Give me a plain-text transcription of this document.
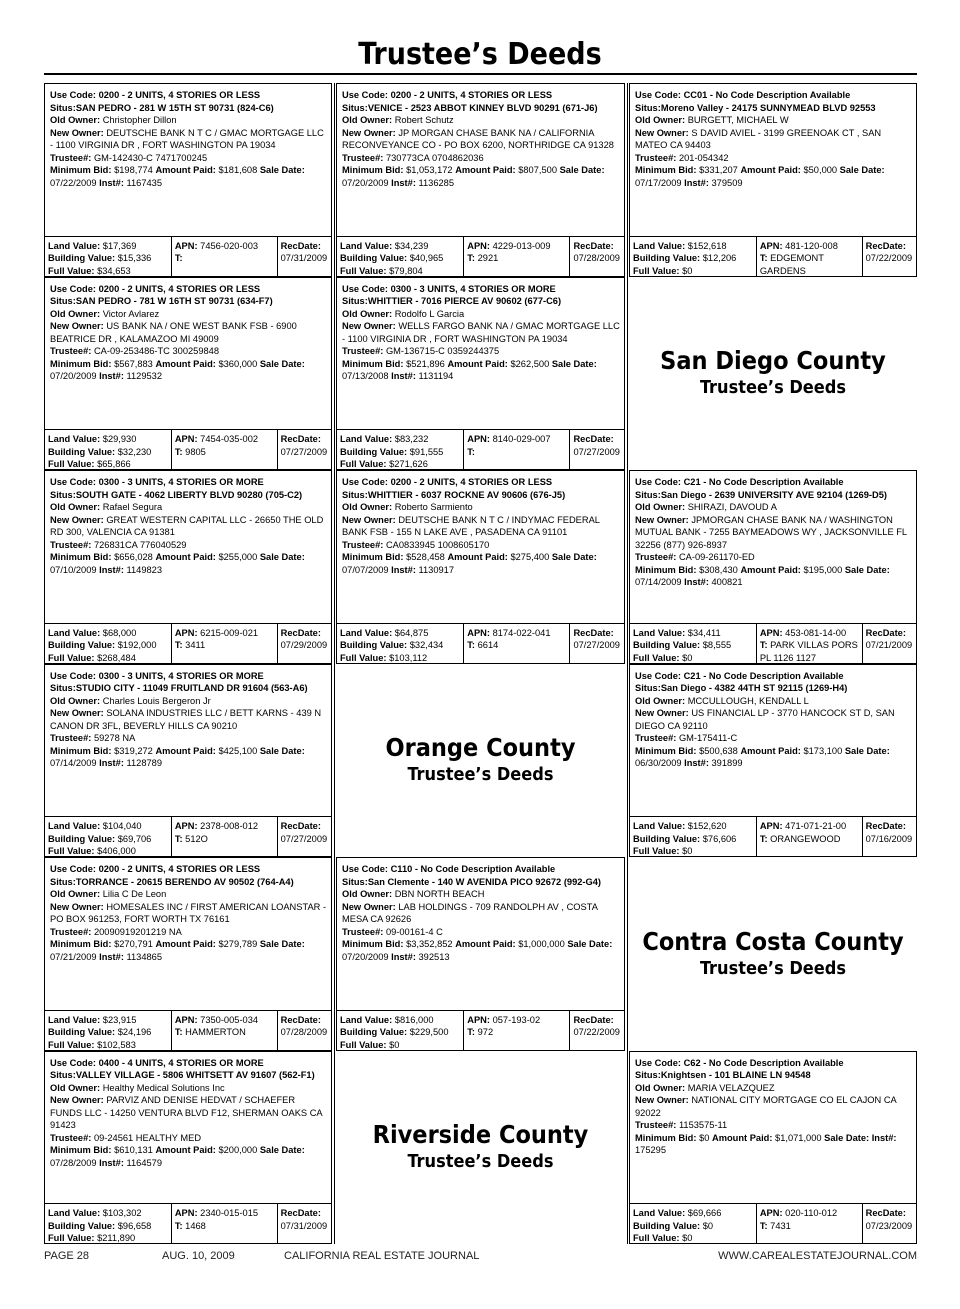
Trustee’s Deeds
Use Code: 0200 - 2 UNITS, 4 STORIES OR LESS
Situs:SAN PEDRO - 281 W 15TH ST 90731 (824-C6)
Old Owner: Christopher Dillon
New Owner: DEUTSCHE BANK N T C / GMAC MORTGAGE LLC - 1100 VIRGINIA DR , FORT WASHINGTON PA 19034
Trustee#: GM-142430-C 7471700245
Minimum Bid: $198,774 Amount Paid: $181,608 Sale Date: 07/22/2009 Inst#: 1167435
Land Value: $17,369
Building Value: $15,336
Full Value: $34,653
APN: 7456-020-003
T:
RecDate:
07/31/2009
Use Code: 0200 - 2 UNITS, 4 STORIES OR LESS
Situs:VENICE - 2523 ABBOT KINNEY BLVD 90291 (671-J6)
Old Owner: Robert Schutz
New Owner: JP MORGAN CHASE BANK NA / CALIFORNIA RECONVEYANCE CO - PO BOX 6200, NORTHRIDGE CA 91328
Trustee#: 730773CA 0704862036
Minimum Bid: $1,053,172 Amount Paid: $807,500 Sale Date: 07/20/2009 Inst#: 1136285
Land Value: $34,239
Building Value: $40,965
Full Value: $79,804
APN: 4229-013-009
T: 2921
RecDate:
07/28/2009
Use Code: CC01 - No Code Description Available
Situs:Moreno Valley - 24175 SUNNYMEAD BLVD 92553
Old Owner: BURGETT, MICHAEL W
New Owner: S DAVID AVIEL - 3199 GREENOAK CT , SAN MATEO CA 94403
Trustee#: 201-054342
Minimum Bid: $331,207 Amount Paid: $50,000 Sale Date: 07/17/2009 Inst#: 379509
Land Value: $152,618
Building Value: $12,206
Full Value: $0
APN: 481-120-008
T: EDGEMONT GARDENS
RecDate:
07/22/2009
Use Code: 0200 - 2 UNITS, 4 STORIES OR LESS
Situs:SAN PEDRO - 781 W 16TH ST 90731 (634-F7)
Old Owner: Victor Avlarez
New Owner: US BANK NA / ONE WEST BANK FSB - 6900 BEATRICE DR , KALAMAZOO MI 49009
Trustee#: CA-09-253486-TC 300259848
Minimum Bid: $567,883 Amount Paid: $360,000 Sale Date: 07/20/2009 Inst#: 1129532
Land Value: $29,930
Building Value: $32,230
Full Value: $65,866
APN: 7454-035-002
T: 9805
RecDate:
07/27/2009
Use Code: 0300 - 3 UNITS, 4 STORIES OR MORE
Situs:WHITTIER - 7016 PIERCE AV 90602 (677-C6)
Old Owner: Rodolfo L Garcia
New Owner: WELLS FARGO BANK NA / GMAC MORTGAGE LLC - 1100 VIRGINIA DR , FORT WASHINGTON PA 19034
Trustee#: GM-136715-C 0359244375
Minimum Bid: $521,896 Amount Paid: $262,500 Sale Date: 07/13/2008 Inst#: 1131194
Land Value: $83,232
Building Value: $91,555
Full Value: $271,626
APN: 8140-029-007
T:
RecDate:
07/27/2009
San Diego County
Trustee’s Deeds
Use Code: 0300 - 3 UNITS, 4 STORIES OR MORE
Situs:SOUTH GATE - 4062 LIBERTY BLVD 90280 (705-C2)
Old Owner: Rafael Segura
New Owner: GREAT WESTERN CAPITAL LLC - 26650 THE OLD RD 300, VALENCIA CA 91381
Trustee#: 726831CA 776040529
Minimum Bid: $656,028 Amount Paid: $255,000 Sale Date: 07/10/2009 Inst#: 1149823
Land Value: $68,000
Building Value: $192,000
Full Value: $268,484
APN: 6215-009-021
T: 3411
RecDate:
07/29/2009
Use Code: 0200 - 2 UNITS, 4 STORIES OR LESS
Situs:WHITTIER - 6037 ROCKNE AV 90606 (676-J5)
Old Owner: Roberto Sarmiento
New Owner: DEUTSCHE BANK N T C / INDYMAC FEDERAL BANK FSB - 155 N LAKE AVE , PASADENA CA 91101
Trustee#: CA0833945 1008605170
Minimum Bid: $528,458 Amount Paid: $275,400 Sale Date: 07/07/2009 Inst#: 1130917
Land Value: $64,875
Building Value: $32,434
Full Value: $103,112
APN: 8174-022-041
T: 6614
RecDate:
07/27/2009
Use Code: C21 - No Code Description Available
Situs:San Diego - 2639 UNIVERSITY AVE 92104 (1269-D5)
Old Owner: SHIRAZI, DAVOUD A
New Owner: JPMORGAN CHASE BANK NA / WASHINGTON MUTUAL BANK - 7255 BAYMEADOWS WY , JACKSONVILLE FL 32256 (877) 926-8937
Trustee#: CA-09-261170-ED
Minimum Bid: $308,430 Amount Paid: $195,000 Sale Date: 07/14/2009 Inst#: 400821
Land Value: $34,411
Building Value: $8,555
Full Value: $0
APN: 453-081-14-00
T: PARK VILLAS PORS PL 1126 1127
RecDate:
07/21/2009
Use Code: 0300 - 3 UNITS, 4 STORIES OR MORE
Situs:STUDIO CITY - 11049 FRUITLAND DR 91604 (563-A6)
Old Owner: Charles Louis Bergeron Jr
New Owner: SOLANA INDUSTRIES LLC / BETT KARNS - 439 N CANON DR 3FL, BEVERLY HILLS CA 90210
Trustee#: 59278 NA
Minimum Bid: $319,272 Amount Paid: $425,100 Sale Date: 07/14/2009 Inst#: 1128789
Land Value: $104,040
Building Value: $69,706
Full Value: $406,000
APN: 2378-008-012
T: 512O
RecDate:
07/27/2009
Orange County
Trustee’s Deeds
Use Code: C21 - No Code Description Available
Situs:San Diego - 4382 44TH ST 92115 (1269-H4)
Old Owner: MCCULLOUGH, KENDALL L
New Owner: US FINANCIAL LP - 3770 HANCOCK ST D, SAN DIEGO CA 92110
Trustee#: GM-175411-C
Minimum Bid: $500,638 Amount Paid: $173,100 Sale Date: 06/30/2009 Inst#: 391899
Land Value: $152,620
Building Value: $76,606
Full Value: $0
APN: 471-071-21-00
T: ORANGEWOOD
RecDate:
07/16/2009
Use Code: 0200 - 2 UNITS, 4 STORIES OR LESS
Situs:TORRANCE - 20615 BERENDO AV 90502 (764-A4)
Old Owner: Lilia C De Leon
New Owner: HOMESALES INC / FIRST AMERICAN LOANSTAR - PO BOX 961253, FORT WORTH TX 76161
Trustee#: 20090919201219 NA
Minimum Bid: $270,791 Amount Paid: $279,789 Sale Date: 07/21/2009 Inst#: 1134865
Land Value: $23,915
Building Value: $24,196
Full Value: $102,583
APN: 7350-005-034
T: HAMMERTON
RecDate:
07/28/2009
Use Code: C110 - No Code Description Available
Situs:San Clemente - 140 W AVENIDA PICO 92672 (992-G4)
Old Owner: DBN NORTH BEACH
New Owner: LAB HOLDINGS - 709 RANDOLPH AV , COSTA MESA CA 92626
Trustee#: 09-00161-4 C
Minimum Bid: $3,352,852 Amount Paid: $1,000,000 Sale Date: 07/20/2009 Inst#: 392513
Land Value: $816,000
Building Value: $229,500
Full Value: $0
APN: 057-193-02
T: 972
RecDate:
07/22/2009
Contra Costa County
Trustee’s Deeds
Use Code: 0400 - 4 UNITS, 4 STORIES OR MORE
Situs:VALLEY VILLAGE - 5806 WHITSETT AV 91607 (562-F1)
Old Owner: Healthy Medical Solutions Inc
New Owner: PARVIZ AND DENISE HEDVAT / SCHAEFER FUNDS LLC - 14250 VENTURA BLVD F12, SHERMAN OAKS CA 91423
Trustee#: 09-24561 HEALTHY MED
Minimum Bid: $610,131 Amount Paid: $200,000 Sale Date: 07/28/2009 Inst#: 1164579
Land Value: $103,302
Building Value: $96,658
Full Value: $211,890
APN: 2340-015-015
T: 1468
RecDate:
07/31/2009
Riverside County
Trustee’s Deeds
Use Code: C62 - No Code Description Available
Situs:Knightsen - 101 BLAINE LN 94548
Old Owner: MARIA VELAZQUEZ
New Owner: NATIONAL CITY MORTGAGE CO EL CAJON CA 92022
Trustee#: 1153575-11
Minimum Bid: $0 Amount Paid: $1,071,000 Sale Date: Inst#: 175295
Land Value: $69,666
Building Value: $0
Full Value: $0
APN: 020-110-012
T: 7431
RecDate:
07/23/2009
PAGE 28	AUG. 10, 2009	CALIFORNIA REAL ESTATE JOURNAL	WWW.CAREALESTATEJOURNAL.COM
